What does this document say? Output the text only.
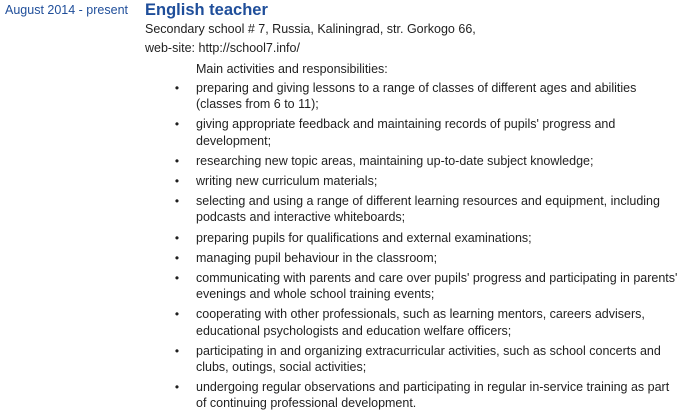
August 2014 - present English teacher
Secondary school # 7, Russia, Kaliningrad, str. Gorkogo 66,
web-site: http://school7.info/
Main activities and responsibilities:
• preparing and giving lessons to a range of classes of different ages and abilities (classes from 6 to 11);
• giving appropriate feedback and maintaining records of pupils' progress and development;
• researching new topic areas, maintaining up-to-date subject knowledge;
• writing new curriculum materials;
• selecting and using a range of different learning resources and equipment, including podcasts and interactive whiteboards;
• preparing pupils for qualifications and external examinations;
• managing pupil behaviour in the classroom;
• communicating with parents and care over pupils' progress and participating in parents' evenings and whole school training events;
• cooperating with other professionals, such as learning mentors, careers advisers, educational psychologists and education welfare officers;
• participating in and organizing extracurricular activities, such as school concerts and clubs, outings, social activities;
• undergoing regular observations and participating in regular in-service training as part of continuing professional development.
